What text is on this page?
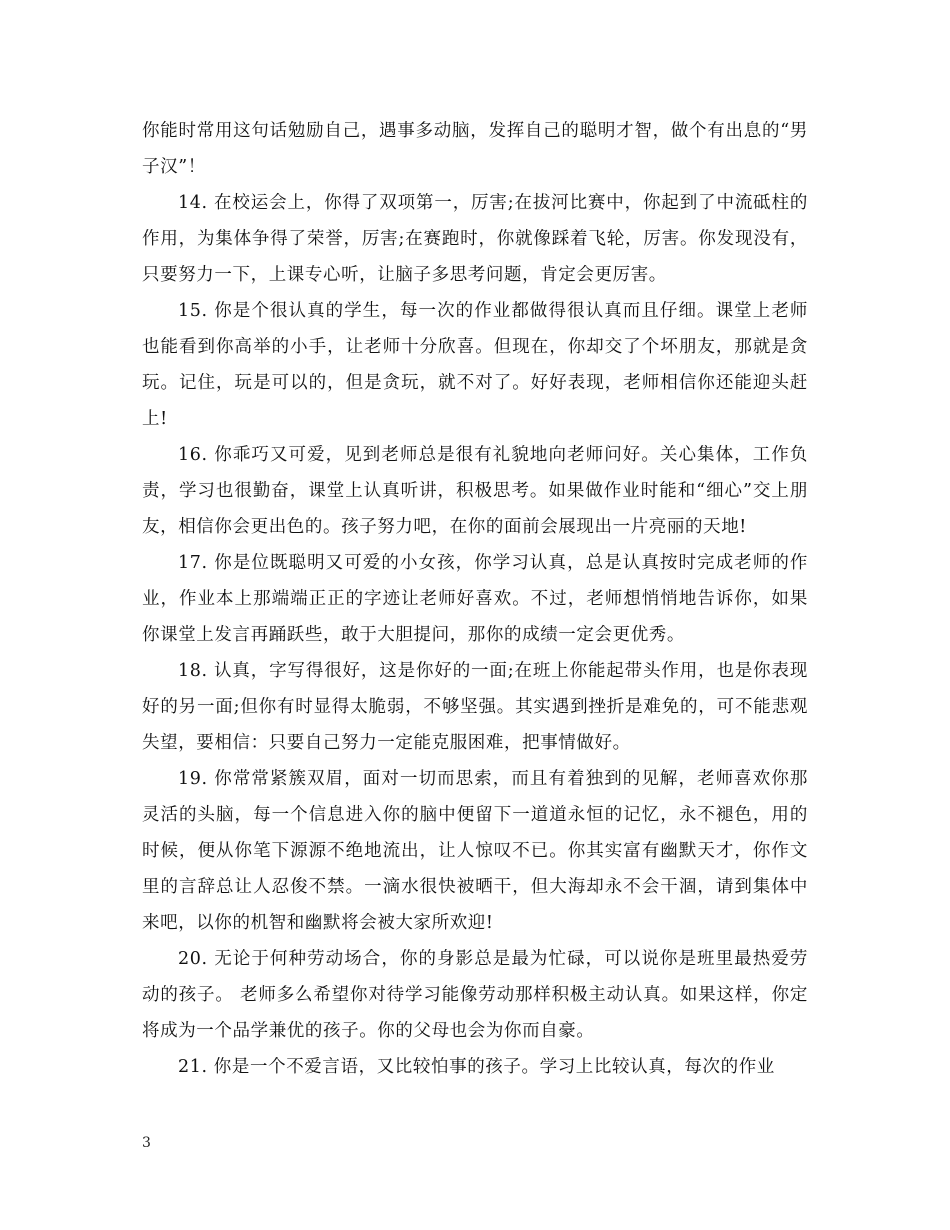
你能时常用这句话勉励自己，遇事多动脑，发挥自己的聪明才智，做个有出息的“男子汉”！

14. 在校运会上，你得了双项第一，厉害;在拔河比赛中，你起到了中流砥柱的作用，为集体争得了荣誉，厉害;在赛跑时，你就像踩着飞轮，厉害。你发现没有，只要努力一下，上课专心听，让脑子多思考问题，肯定会更厉害。

15. 你是个很认真的学生，每一次的作业都做得很认真而且仔细。课堂上老师也能看到你高举的小手，让老师十分欣喜。但现在，你却交了个坏朋友，那就是贪玩。记住，玩是可以的，但是贪玩，就不对了。好好表现，老师相信你还能迎头赶上!

16. 你乖巧又可爱，见到老师总是很有礼貌地向老师问好。关心集体，工作负责，学习也很勤奋，课堂上认真听讲，积极思考。如果做作业时能和“细心”交上朋友，相信你会更出色的。孩子努力吧，在你的面前会展现出一片亮丽的天地!

17. 你是位既聪明又可爱的小女孩，你学习认真，总是认真按时完成老师的作业，作业本上那端端正正的字迹让老师好喜欢。不过，老师想悄悄地告诉你，如果你课堂上发言再踊跃些，敢于大胆提问，那你的成绩一定会更优秀。

18. 认真，字写得很好，这是你好的一面;在班上你能起带头作用，也是你表现好的另一面;但你有时显得太脆弱，不够坚强。其实遇到挫折是难免的，可不能悲观失望，要相信：只要自己努力一定能克服困难，把事情做好。

19. 你常常紧簇双眉，面对一切而思索，而且有着独到的见解，老师喜欢你那灵活的头脑，每一个信息进入你的脑中便留下一道道永恒的记忆，永不褪色，用的时候，便从你笔下源源不绝地流出，让人惊叹不已。你其实富有幽默天才，你作文里的言辞总让人忍俊不禁。一滴水很快被晒干，但大海却永不会干涸，请到集体中来吧，以你的机智和幽默将会被大家所欢迎!

20. 无论于何种劳动场合，你的身影总是最为忙碌，可以说你是班里最热爱劳动的孩子。 老师多么希望你对待学习能像劳动那样积极主动认真。如果这样，你定将成为一个品学兼优的孩子。你的父母也会为你而自豪。

21. 你是一个不爱言语，又比较怕事的孩子。学习上比较认真，每次的作业

3
